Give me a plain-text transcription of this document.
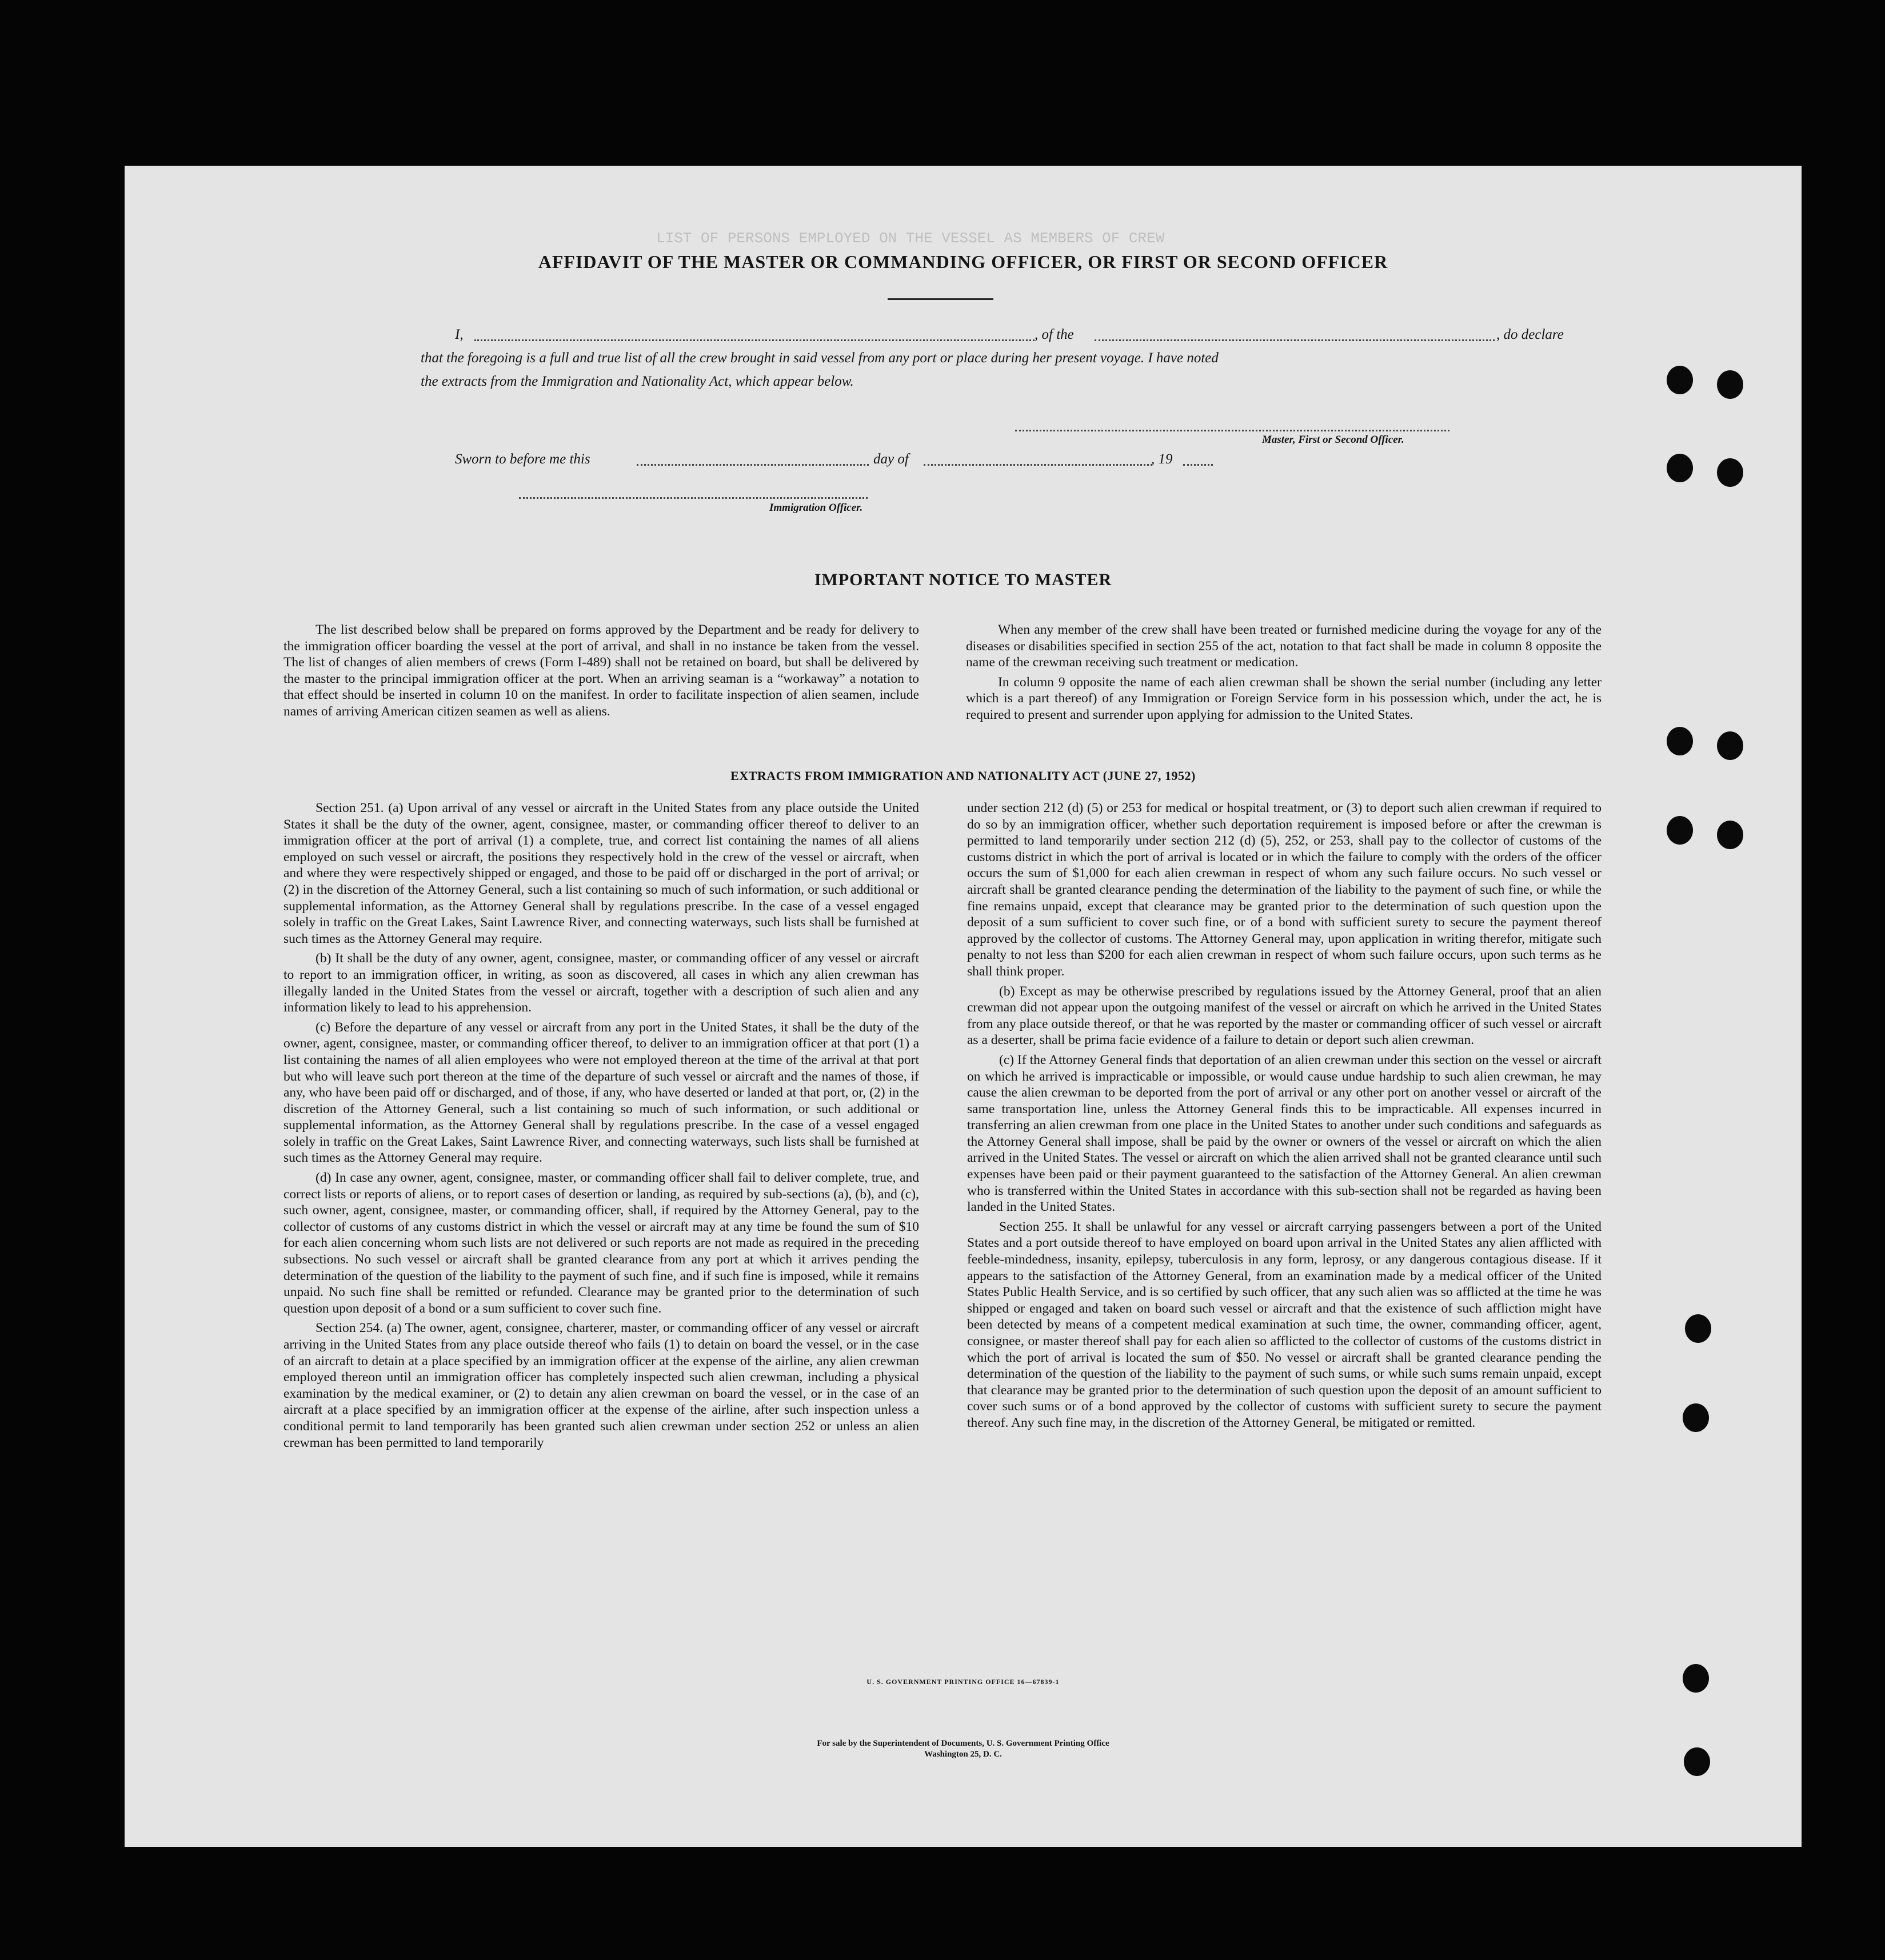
LIST OF PERSONS EMPLOYED ON THE VESSEL AS MEMBERS OF CREW
AFFIDAVIT OF THE MASTER OR COMMANDING OFFICER, OR FIRST OR SECOND OFFICER
I,	, of the	, do declare
that the foregoing is a full and true list of all the crew brought in said vessel from any port or place during her present voyage. I have noted
the extracts from the Immigration and Nationality Act, which appear below.
Master, First or Second Officer.
Sworn to before me this	day of	, 19
Immigration Officer.
IMPORTANT NOTICE TO MASTER

The list described below shall be prepared on forms approved by the Department and be ready for delivery to the immigration officer boarding the vessel at the port of arrival, and shall in no instance be taken from the vessel. The list of changes of alien members of crews (Form I-489) shall not be retained on board, but shall be delivered by the master to the principal immigration officer at the port. When an arriving seaman is a “workaway” a notation to that effect should be inserted in column 10 on the manifest. In order to facilitate inspection of alien seamen, include names of arriving American citizen seamen as well as aliens.

When any member of the crew shall have been treated or furnished medicine during the voyage for any of the diseases or disabilities specified in section 255 of the act, notation to that fact shall be made in column 8 opposite the name of the crewman receiving such treatment or medication.

In column 9 opposite the name of each alien crewman shall be shown the serial number (including any letter which is a part thereof) of any Immigration or Foreign Service form in his possession which, under the act, he is required to present and surrender upon applying for admission to the United States.

EXTRACTS FROM IMMIGRATION AND NATIONALITY ACT (JUNE 27, 1952)

Section 251. (a) Upon arrival of any vessel or aircraft in the United States from any place outside the United States it shall be the duty of the owner, agent, consignee, master, or commanding officer thereof to deliver to an immigration officer at the port of arrival (1) a complete, true, and correct list containing the names of all aliens employed on such vessel or aircraft, the positions they respectively hold in the crew of the vessel or aircraft, when and where they were respectively shipped or engaged, and those to be paid off or discharged in the port of arrival; or (2) in the discretion of the Attorney General, such a list containing so much of such information, or such additional or supplemental information, as the Attorney General shall by regulations prescribe. In the case of a vessel engaged solely in traffic on the Great Lakes, Saint Lawrence River, and connecting waterways, such lists shall be furnished at such times as the Attorney General may require.

(b) It shall be the duty of any owner, agent, consignee, master, or commanding officer of any vessel or aircraft to report to an immigration officer, in writing, as soon as discovered, all cases in which any alien crewman has illegally landed in the United States from the vessel or aircraft, together with a description of such alien and any information likely to lead to his apprehension.

(c) Before the departure of any vessel or aircraft from any port in the United States, it shall be the duty of the owner, agent, consignee, master, or commanding officer thereof, to deliver to an immigration officer at that port (1) a list containing the names of all alien employees who were not employed thereon at the time of the arrival at that port but who will leave such port thereon at the time of the departure of such vessel or aircraft and the names of those, if any, who have been paid off or discharged, and of those, if any, who have deserted or landed at that port, or, (2) in the discretion of the Attorney General, such a list containing so much of such information, or such additional or supplemental information, as the Attorney General shall by regulations prescribe. In the case of a vessel engaged solely in traffic on the Great Lakes, Saint Lawrence River, and connecting waterways, such lists shall be furnished at such times as the Attorney General may require.

(d) In case any owner, agent, consignee, master, or commanding officer shall fail to deliver complete, true, and correct lists or reports of aliens, or to report cases of desertion or landing, as required by sub-sections (a), (b), and (c), such owner, agent, consignee, master, or commanding officer, shall, if required by the Attorney General, pay to the collector of customs of any customs district in which the vessel or aircraft may at any time be found the sum of $10 for each alien concerning whom such lists are not delivered or such reports are not made as required in the preceding subsections. No such vessel or aircraft shall be granted clearance from any port at which it arrives pending the determination of the question of the liability to the payment of such fine, and if such fine is imposed, while it remains unpaid. No such fine shall be remitted or refunded. Clearance may be granted prior to the determination of such question upon deposit of a bond or a sum sufficient to cover such fine.

Section 254. (a) The owner, agent, consignee, charterer, master, or commanding officer of any vessel or aircraft arriving in the United States from any place outside thereof who fails (1) to detain on board the vessel, or in the case of an aircraft to detain at a place specified by an immigration officer at the expense of the airline, any alien crewman employed thereon until an immigration officer has completely inspected such alien crewman, including a physical examination by the medical examiner, or (2) to detain any alien crewman on board the vessel, or in the case of an aircraft at a place specified by an immigration officer at the expense of the airline, after such inspection unless a conditional permit to land temporarily has been granted such alien crewman under section 252 or unless an alien crewman has been permitted to land temporarily

under section 212 (d) (5) or 253 for medical or hospital treatment, or (3) to deport such alien crewman if required to do so by an immigration officer, whether such deportation requirement is imposed before or after the crewman is permitted to land temporarily under section 212 (d) (5), 252, or 253, shall pay to the collector of customs of the customs district in which the port of arrival is located or in which the failure to comply with the orders of the officer occurs the sum of $1,000 for each alien crewman in respect of whom any such failure occurs. No such vessel or aircraft shall be granted clearance pending the determination of the liability to the payment of such fine, or while the fine remains unpaid, except that clearance may be granted prior to the determination of such question upon the deposit of a sum sufficient to cover such fine, or of a bond with sufficient surety to secure the payment thereof approved by the collector of customs. The Attorney General may, upon application in writing therefor, mitigate such penalty to not less than $200 for each alien crewman in respect of whom such failure occurs, upon such terms as he shall think proper.

(b) Except as may be otherwise prescribed by regulations issued by the Attorney General, proof that an alien crewman did not appear upon the outgoing manifest of the vessel or aircraft on which he arrived in the United States from any place outside thereof, or that he was reported by the master or commanding officer of such vessel or aircraft as a deserter, shall be prima facie evidence of a failure to detain or deport such alien crewman.

(c) If the Attorney General finds that deportation of an alien crewman under this section on the vessel or aircraft on which he arrived is impracticable or impossible, or would cause undue hardship to such alien crewman, he may cause the alien crewman to be deported from the port of arrival or any other port on another vessel or aircraft of the same transportation line, unless the Attorney General finds this to be impracticable. All expenses incurred in transferring an alien crewman from one place in the United States to another under such conditions and safeguards as the Attorney General shall impose, shall be paid by the owner or owners of the vessel or aircraft on which the alien arrived in the United States. The vessel or aircraft on which the alien arrived shall not be granted clearance until such expenses have been paid or their payment guaranteed to the satisfaction of the Attorney General. An alien crewman who is transferred within the United States in accordance with this sub-section shall not be regarded as having been landed in the United States.

Section 255. It shall be unlawful for any vessel or aircraft carrying passengers between a port of the United States and a port outside thereof to have employed on board upon arrival in the United States any alien afflicted with feeble-mindedness, insanity, epilepsy, tuberculosis in any form, leprosy, or any dangerous contagious disease. If it appears to the satisfaction of the Attorney General, from an examination made by a medical officer of the United States Public Health Service, and is so certified by such officer, that any such alien was so afflicted at the time he was shipped or engaged and taken on board such vessel or aircraft and that the existence of such affliction might have been detected by means of a competent medical examination at such time, the owner, commanding officer, agent, consignee, or master thereof shall pay for each alien so afflicted to the collector of customs of the customs district in which the port of arrival is located the sum of $50. No vessel or aircraft shall be granted clearance pending the determination of the question of the liability to the payment of such sums, or while such sums remain unpaid, except that clearance may be granted prior to the determination of such question upon the deposit of an amount sufficient to cover such sums or of a bond approved by the collector of customs with sufficient surety to secure the payment thereof. Any such fine may, in the discretion of the Attorney General, be mitigated or remitted.

U. S. GOVERNMENT PRINTING OFFICE 16—67839-1
For sale by the Superintendent of Documents, U. S. Government Printing Office
Washington 25, D. C.
